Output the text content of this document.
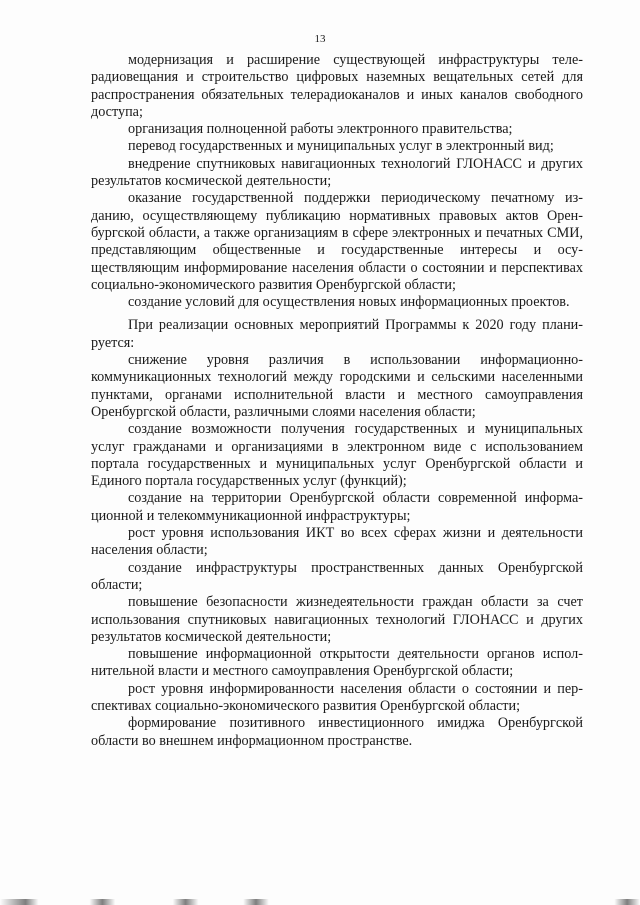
13

модернизация и расширение существующей инфраструктуры телерадиовещания и строительство цифровых наземных вещательных сетей для распространения обязательных телерадиоканалов и иных каналов свободного доступа;

организация полноценной работы электронного правительства;

перевод государственных и муниципальных услуг в электронный вид;

внедрение спутниковых навигационных технологий ГЛОНАСС и других результатов космической деятельности;

оказание государственной поддержки периодическому печатному изданию, осуществляющему публикацию нормативных правовых актов Оренбургской области, а также организациям в сфере электронных и печатных СМИ, представляющим общественные и государственные интересы и осуществляющим информирование населения области о состоянии и перспективах социально-экономического развития Оренбургской области;

создание условий для осуществления новых информационных проектов.

При реализации основных мероприятий Программы к 2020 году планируется:

снижение уровня различия в использовании информационно-коммуникационных технологий между городскими и сельскими населенными пунктами, органами исполнительной власти и местного самоуправления Оренбургской области, различными слоями населения области;

создание возможности получения государственных и муниципальных услуг гражданами и организациями в электронном виде с использованием портала государственных и муниципальных услуг Оренбургской области и Единого портала государственных услуг (функций);

создание на территории Оренбургской области современной информационной и телекоммуникационной инфраструктуры;

рост уровня использования ИКТ во всех сферах жизни и деятельности населения области;

создание инфраструктуры пространственных данных Оренбургской области;

повышение безопасности жизнедеятельности граждан области за счет использования спутниковых навигационных технологий ГЛОНАСС и других результатов космической деятельности;

повышение информационной открытости деятельности органов исполнительной власти и местного самоуправления Оренбургской области;

рост уровня информированности населения области о состоянии и перспективах социально-экономического развития Оренбургской области;

формирование позитивного инвестиционного имиджа Оренбургской области во внешнем информационном пространстве.
